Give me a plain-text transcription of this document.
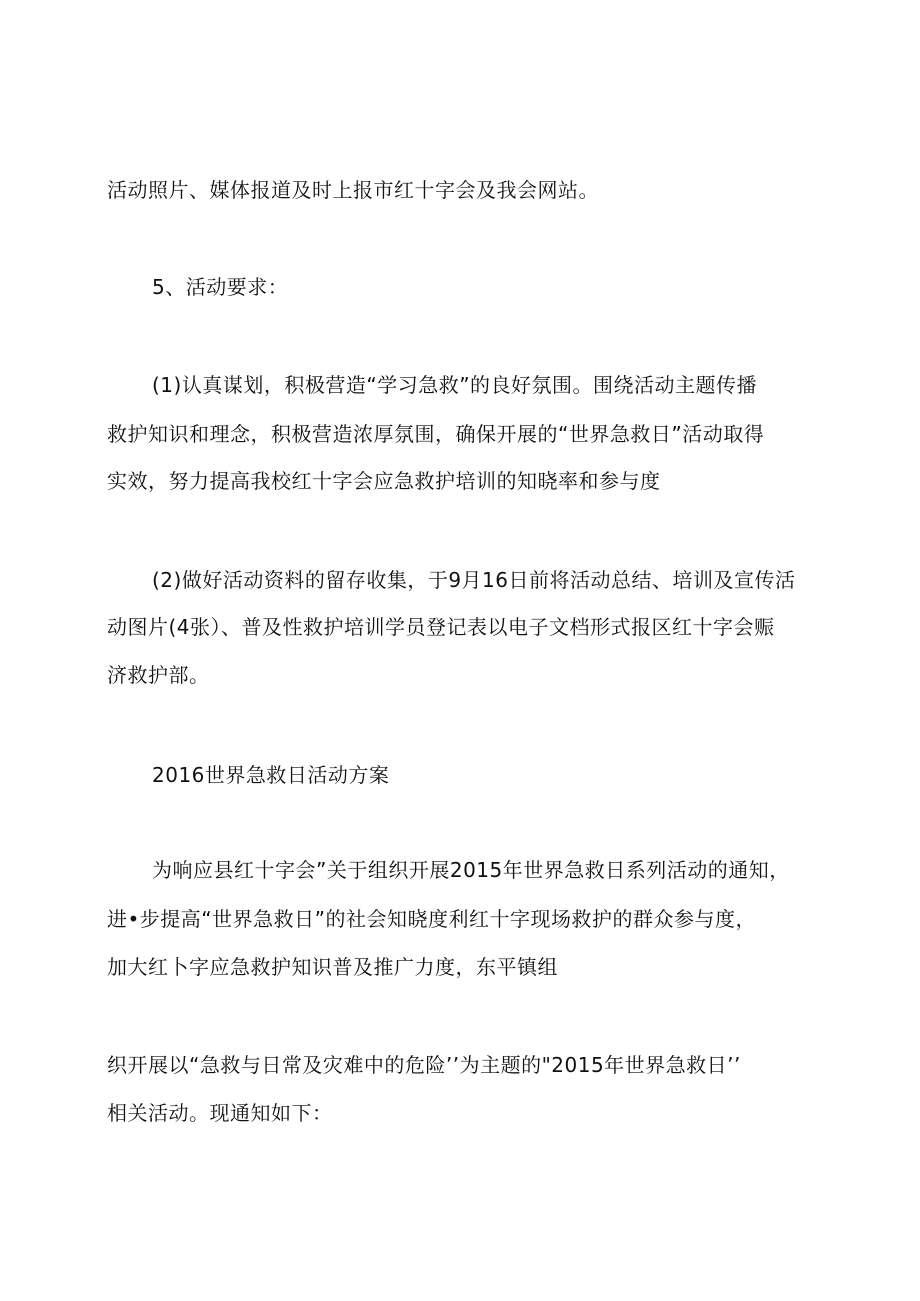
活动照片、媒体报道及时上报市红十字会及我会网站。
5、活动要求：
(1)认真谋划，积极营造“学习急救”的良好氛围。围绕活动主题传播
救护知识和理念，积极营造浓厚氛围，确保开展的“世界急救日”活动取得
实效，努力提高我校红十字会应急救护培训的知晓率和参与度
(2)做好活动资料的留存收集，于9月16日前将活动总结、培训及宣传活
动图片(4张）、普及性救护培训学员登记表以电子文档形式报区红十字会赈
济救护部。
2016世界急救日活动方案
为响应县红十字会”关于组织开展2015年世界急救日系列活动的通知，
进•步提高“世界急救日”的社会知晓度利红十字现场救护的群众参与度，
加大红卜字应急救护知识普及推广力度，东平镇组
织开展以“急救与日常及灾难中的危险’’为主题的"2015年世界急救日’’
相关活动。现通知如下：
